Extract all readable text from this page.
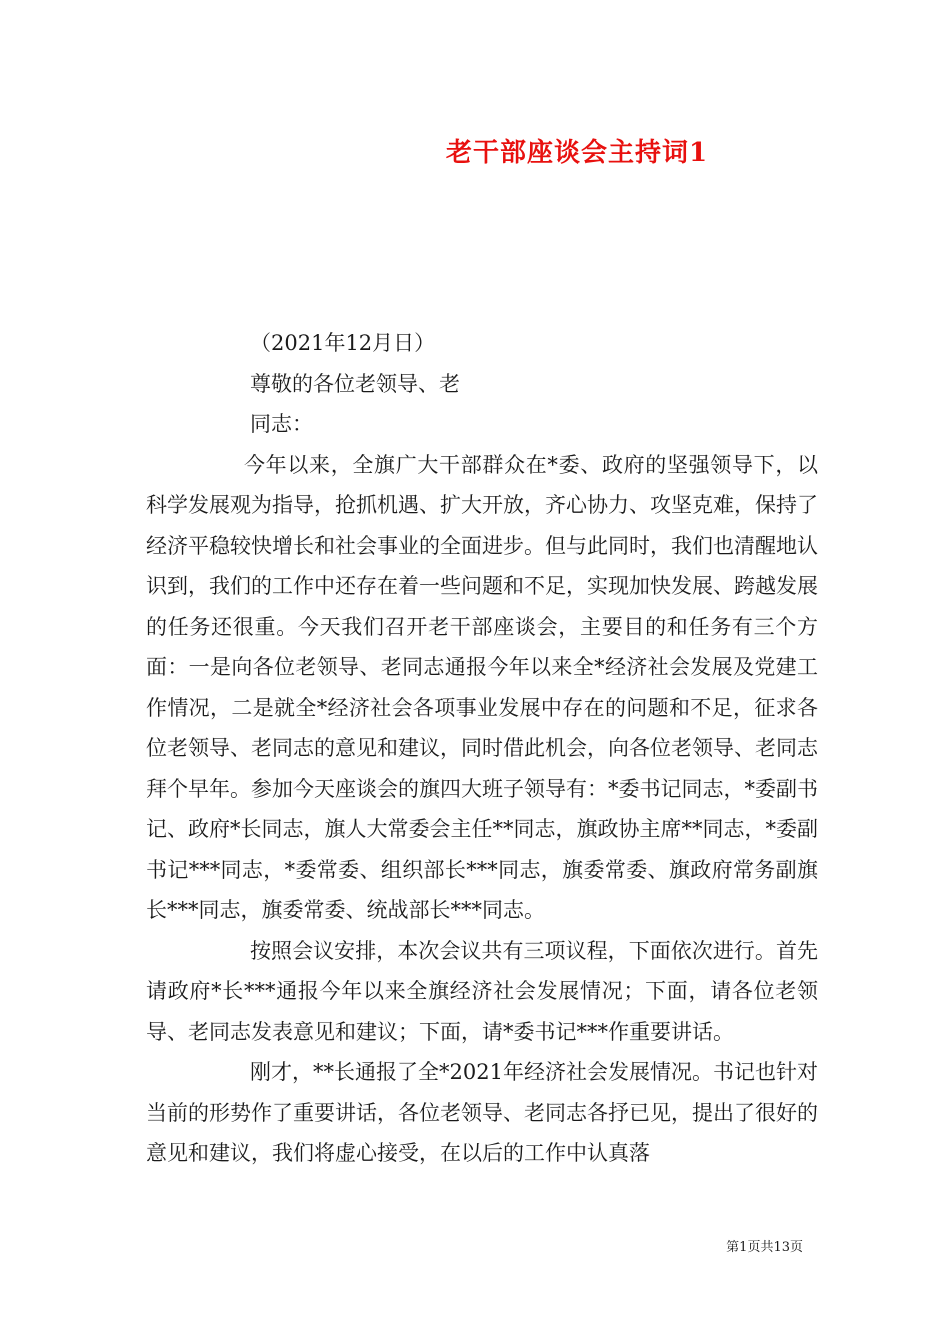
老干部座谈会主持词1

（2021年12月日）

尊敬的各位老领导、老

同志：

今年以来，全旗广大干部群众在*委、政府的坚强领导下，以科学发展观为指导，抢抓机遇、扩大开放，齐心协力、攻坚克难，保持了经济平稳较快增长和社会事业的全面进步。但与此同时，我们也清醒地认识到，我们的工作中还存在着一些问题和不足，实现加快发展、跨越发展的任务还很重。今天我们召开老干部座谈会，主要目的和任务有三个方面：一是向各位老领导、老同志通报今年以来全*经济社会发展及党建工作情况，二是就全*经济社会各项事业发展中存在的问题和不足，征求各位老领导、老同志的意见和建议，同时借此机会，向各位老领导、老同志拜个早年。参加今天座谈会的旗四大班子领导有：*委书记同志，*委副书记、政府*长同志，旗人大常委会主任**同志，旗政协主席**同志，*委副书记***同志，*委常委、组织部长***同志，旗委常委、旗政府常务副旗长***同志，旗委常委、统战部长***同志。

按照会议安排，本次会议共有三项议程，下面依次进行。首先请政府*长***通报今年以来全旗经济社会发展情况；下面，请各位老领导、老同志发表意见和建议；下面，请*委书记***作重要讲话。

刚才，**长通报了全*2021年经济社会发展情况。书记也针对当前的形势作了重要讲话，各位老领导、老同志各抒已见，提出了很好的意见和建议，我们将虚心接受，在以后的工作中认真落

第1页共13页
